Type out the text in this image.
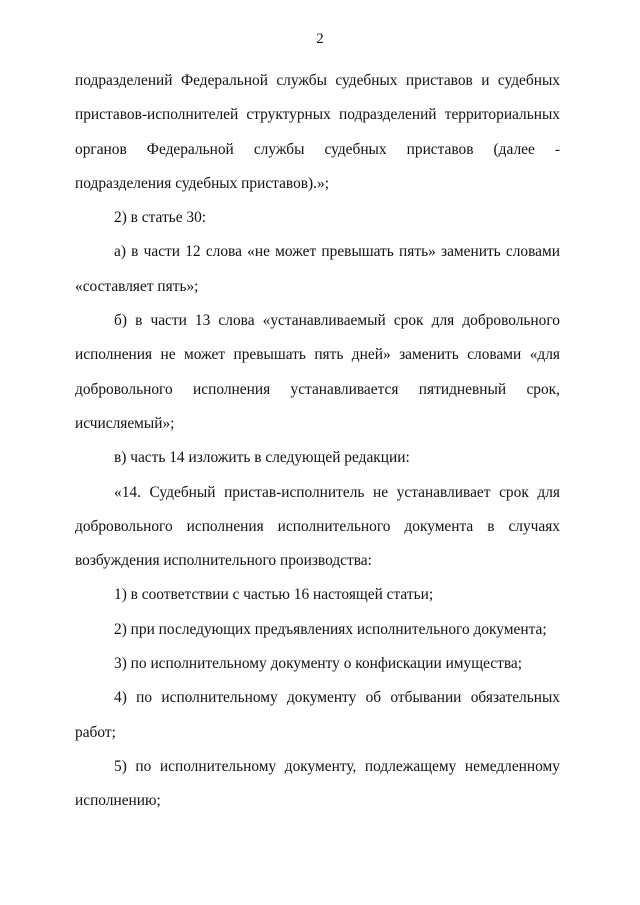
2

подразделений Федеральной службы судебных приставов и судебных приставов-исполнителей структурных подразделений территориальных органов Федеральной службы судебных приставов (далее - подразделения судебных приставов).»;

2) в статье 30:

а) в части 12 слова «не может превышать пять» заменить словами «составляет пять»;

б) в части 13 слова «устанавливаемый срок для добровольного исполнения не может превышать пять дней» заменить словами «для добровольного исполнения устанавливается пятидневный срок, исчисляемый»;

в) часть 14 изложить в следующей редакции:

«14. Судебный пристав-исполнитель не устанавливает срок для добровольного исполнения исполнительного документа в случаях возбуждения исполнительного производства:

1) в соответствии с частью 16 настоящей статьи;

2) при последующих предъявлениях исполнительного документа;

3) по исполнительному документу о конфискации имущества;

4) по исполнительному документу об отбывании обязательных работ;

5) по исполнительному документу, подлежащему немедленному исполнению;
